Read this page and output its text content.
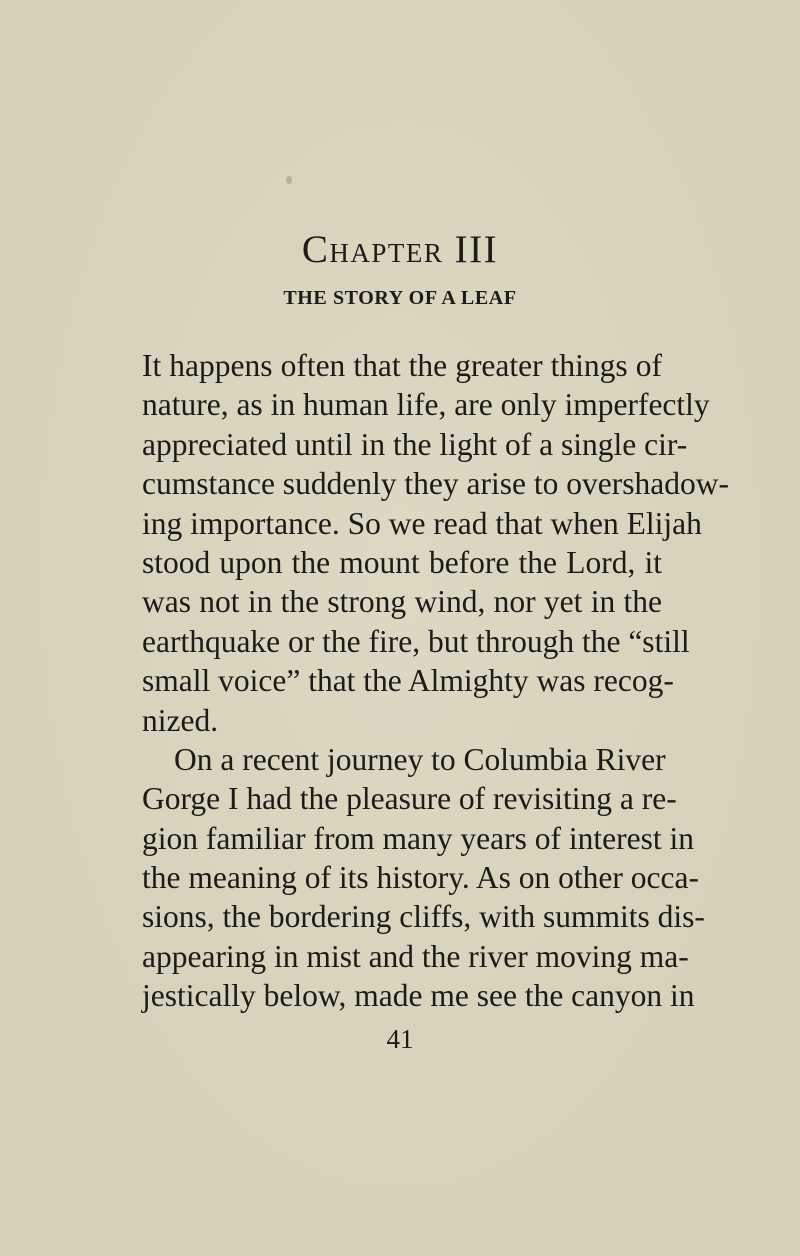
Chapter III
THE STORY OF A LEAF
It happens often that the greater things of
nature, as in human life, are only imperfectly
appreciated until in the light of a single cir-
cumstance suddenly they arise to overshadow-
ing importance. So we read that when Elijah
stood upon the mount before the Lord, it
was not in the strong wind, nor yet in the
earthquake or the fire, but through the “still
small voice” that the Almighty was recog-
nized.
On a recent journey to Columbia River
Gorge I had the pleasure of revisiting a re-
gion familiar from many years of interest in
the meaning of its history. As on other occa-
sions, the bordering cliffs, with summits dis-
appearing in mist and the river moving ma-
jestically below, made me see the canyon in
41
